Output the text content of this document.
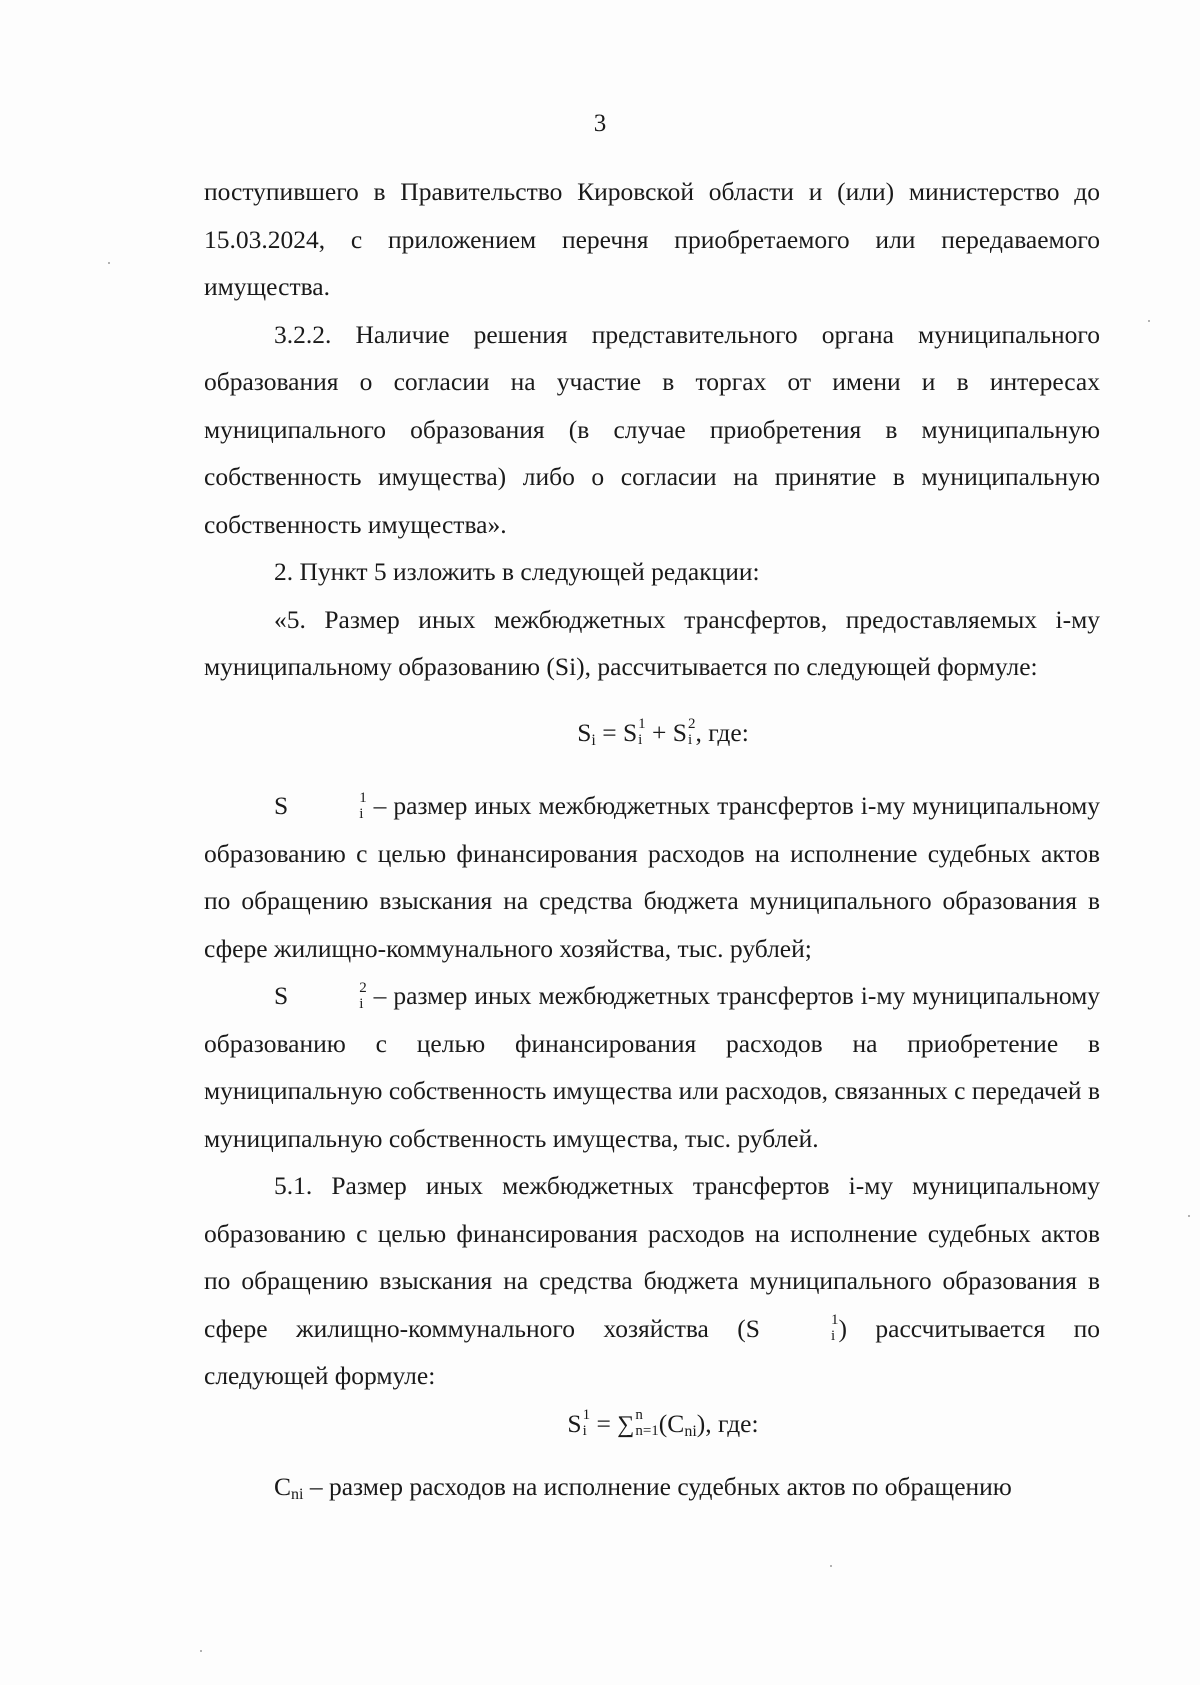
3

поступившего в Правительство Кировской области и (или) министерство до 15.03.2024, с приложением перечня приобретаемого или передаваемого имущества.

3.2.2. Наличие решения представительного органа муниципального образования о согласии на участие в торгах от имени и в интересах муниципального образования (в случае приобретения в муниципальную собственность имущества) либо о согласии на принятие в муниципальную собственность имущества».

2. Пункт 5 изложить в следующей редакции:

«5. Размер иных межбюджетных трансфертов, предоставляемых i-му муниципальному образованию (Si), рассчитывается по следующей формуле:

Si = S 1
i + S 2
i , где:

S	1
i – размер иных межбюджетных трансфертов i-му муниципальному образованию с целью финансирования расходов на исполнение судебных актов по обращению взыскания на средства бюджета муниципального образования в сфере жилищно-коммунального хозяйства, тыс. рублей;

S	2
i – размер иных межбюджетных трансфертов i-му муниципальному образованию с целью финансирования расходов на приобретение в муниципальную собственность имущества или расходов, связанных с передачей в муниципальную собственность имущества, тыс. рублей.

5.1. Размер иных межбюджетных трансфертов i-му муниципальному образованию с целью финансирования расходов на исполнение судебных актов по обращению взыскания на средства бюджета муниципального образования в сфере жилищно-коммунального хозяйства (S	1
i ) рассчитывается по следующей формуле:

S 1
i = ∑ n
n=1 (Cni), где:

Cni – размер расходов на исполнение судебных актов по обращению
